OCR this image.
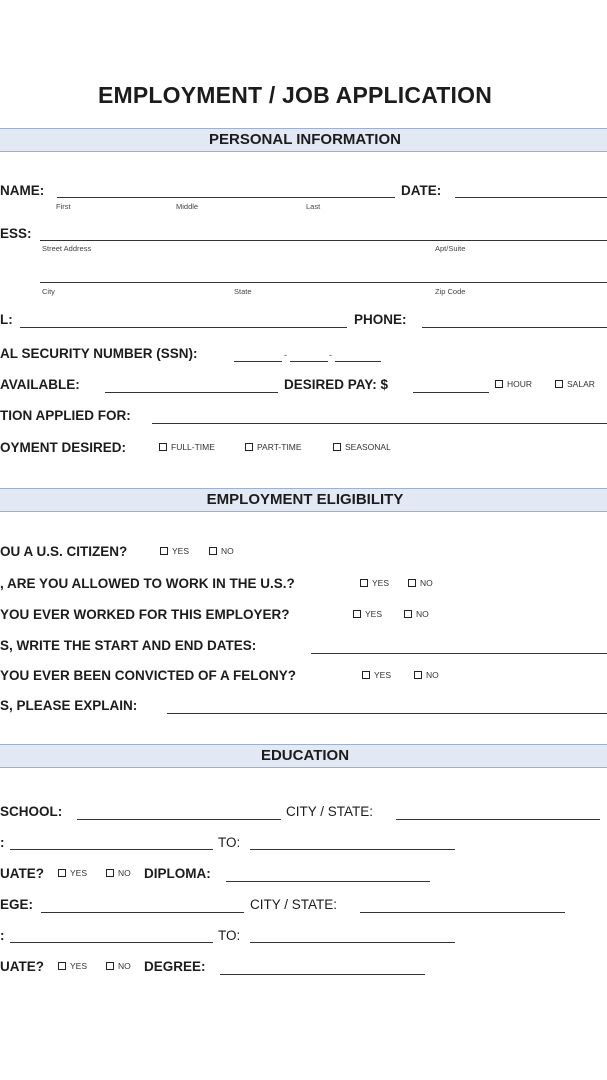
EMPLOYMENT / JOB APPLICATION
PERSONAL INFORMATION
NAME:	DATE:
First	Middle	Last
ESS:
Street Address	Apt/Suite
City	State	Zip Code
L:	PHONE:
AL SECURITY NUMBER (SSN):	-	-
AVAILABLE:	DESIRED PAY: $	HOUR	SALAR
TION APPLIED FOR:
OYMENT DESIRED:	FULL-TIME	PART-TIME	SEASONAL
EMPLOYMENT ELIGIBILITY
OU A U.S. CITIZEN?	YES	NO
, ARE YOU ALLOWED TO WORK IN THE U.S.?	YES	NO
YOU EVER WORKED FOR THIS EMPLOYER?	YES	NO
S, WRITE THE START AND END DATES:
YOU EVER BEEN CONVICTED OF A FELONY?	YES	NO
S, PLEASE EXPLAIN:
EDUCATION
SCHOOL:	CITY / STATE:
:	TO:
UATE?	YES	NO DIPLOMA:
EGE:	CITY / STATE:
:	TO:
UATE?	YES	NO DEGREE:
